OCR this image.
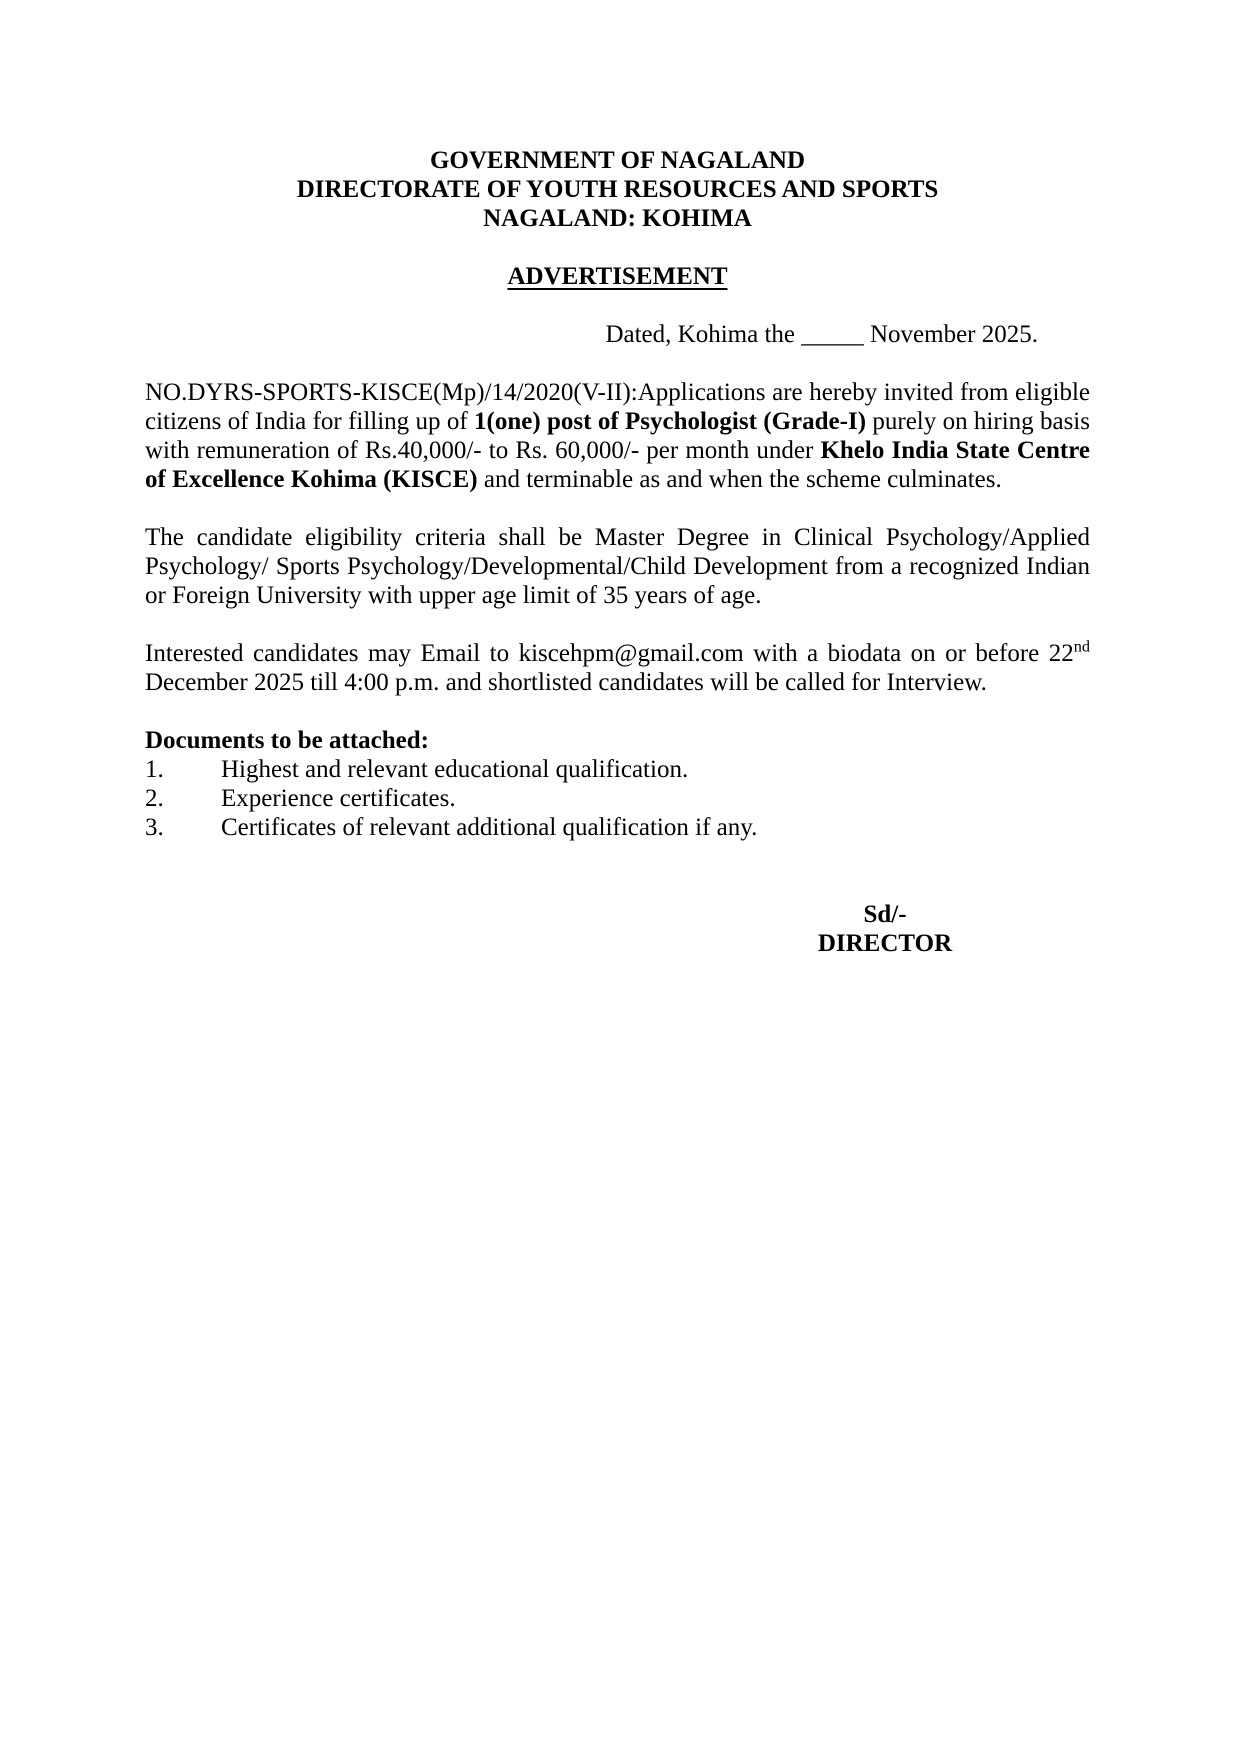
GOVERNMENT OF NAGALAND
DIRECTORATE OF YOUTH RESOURCES AND SPORTS
NAGALAND: KOHIMA
ADVERTISEMENT
Dated, Kohima the _____ November 2025.

NO.DYRS-SPORTS-KISCE(Mp)/14/2020(V-II):Applications are hereby invited from eligible citizens of India for filling up of 1(one) post of Psychologist (Grade-I) purely on hiring basis with remuneration of Rs.40,000/- to Rs. 60,000/- per month under Khelo India State Centre of Excellence Kohima (KISCE) and terminable as and when the scheme culminates.

The candidate eligibility criteria shall be Master Degree in Clinical Psychology/Applied Psychology/ Sports Psychology/Developmental/Child Development from a recognized Indian or Foreign University with upper age limit of 35 years of age.

Interested candidates may Email to kiscehpm@gmail.com with a biodata on or before 22nd December 2025 till 4:00 p.m. and shortlisted candidates will be called for Interview.

Documents to be attached:
1.	Highest and relevant educational qualification.
2.	Experience certificates.
3.	Certificates of relevant additional qualification if any.
Sd/-
DIRECTOR
